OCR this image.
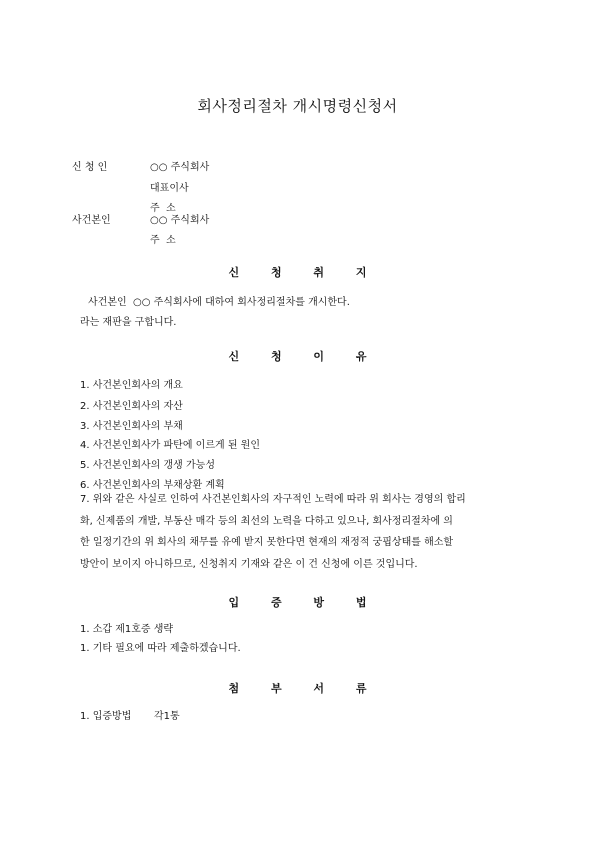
회사정리절차 개시명령신청서
신 청 인	○○ 주식회사
대표이사
주  소
사건본인	○○ 주식회사
주  소
신 청 취 지
사건본인  ○○ 주식회사에 대하여 회사정리절차를 개시한다.
라는 재판을 구합니다.
신 청 이 유
1. 사건본인회사의 개요
2. 사건본인회사의 자산
3. 사건본인회사의 부채
4. 사건본인회사가 파탄에 이르게 된 원인
5. 사건본인회사의 갱생 가능성
6. 사건본인회사의 부채상환 계획
7. 위와 같은 사실로 인하여 사건본인회사의 자구적인 노력에 따라 위 회사는 경영의 합리
화, 신제품의 개발, 부동산 매각 등의 최선의 노력을 다하고 있으나, 회사정리절차에 의
한 일정기간의 위 회사의 채무를 유예 받지 못한다면 현재의 재정적 궁핍상태를 해소할
방안이 보이지 아니하므로, 신청취지 기재와 같은 이 건 신청에 이른 것입니다.
입 증 방 법
1. 소갑 제1호증 생략
1. 기타 필요에 따라 제출하겠습니다.
첨 부 서 류
1. 입증방법 각1통
